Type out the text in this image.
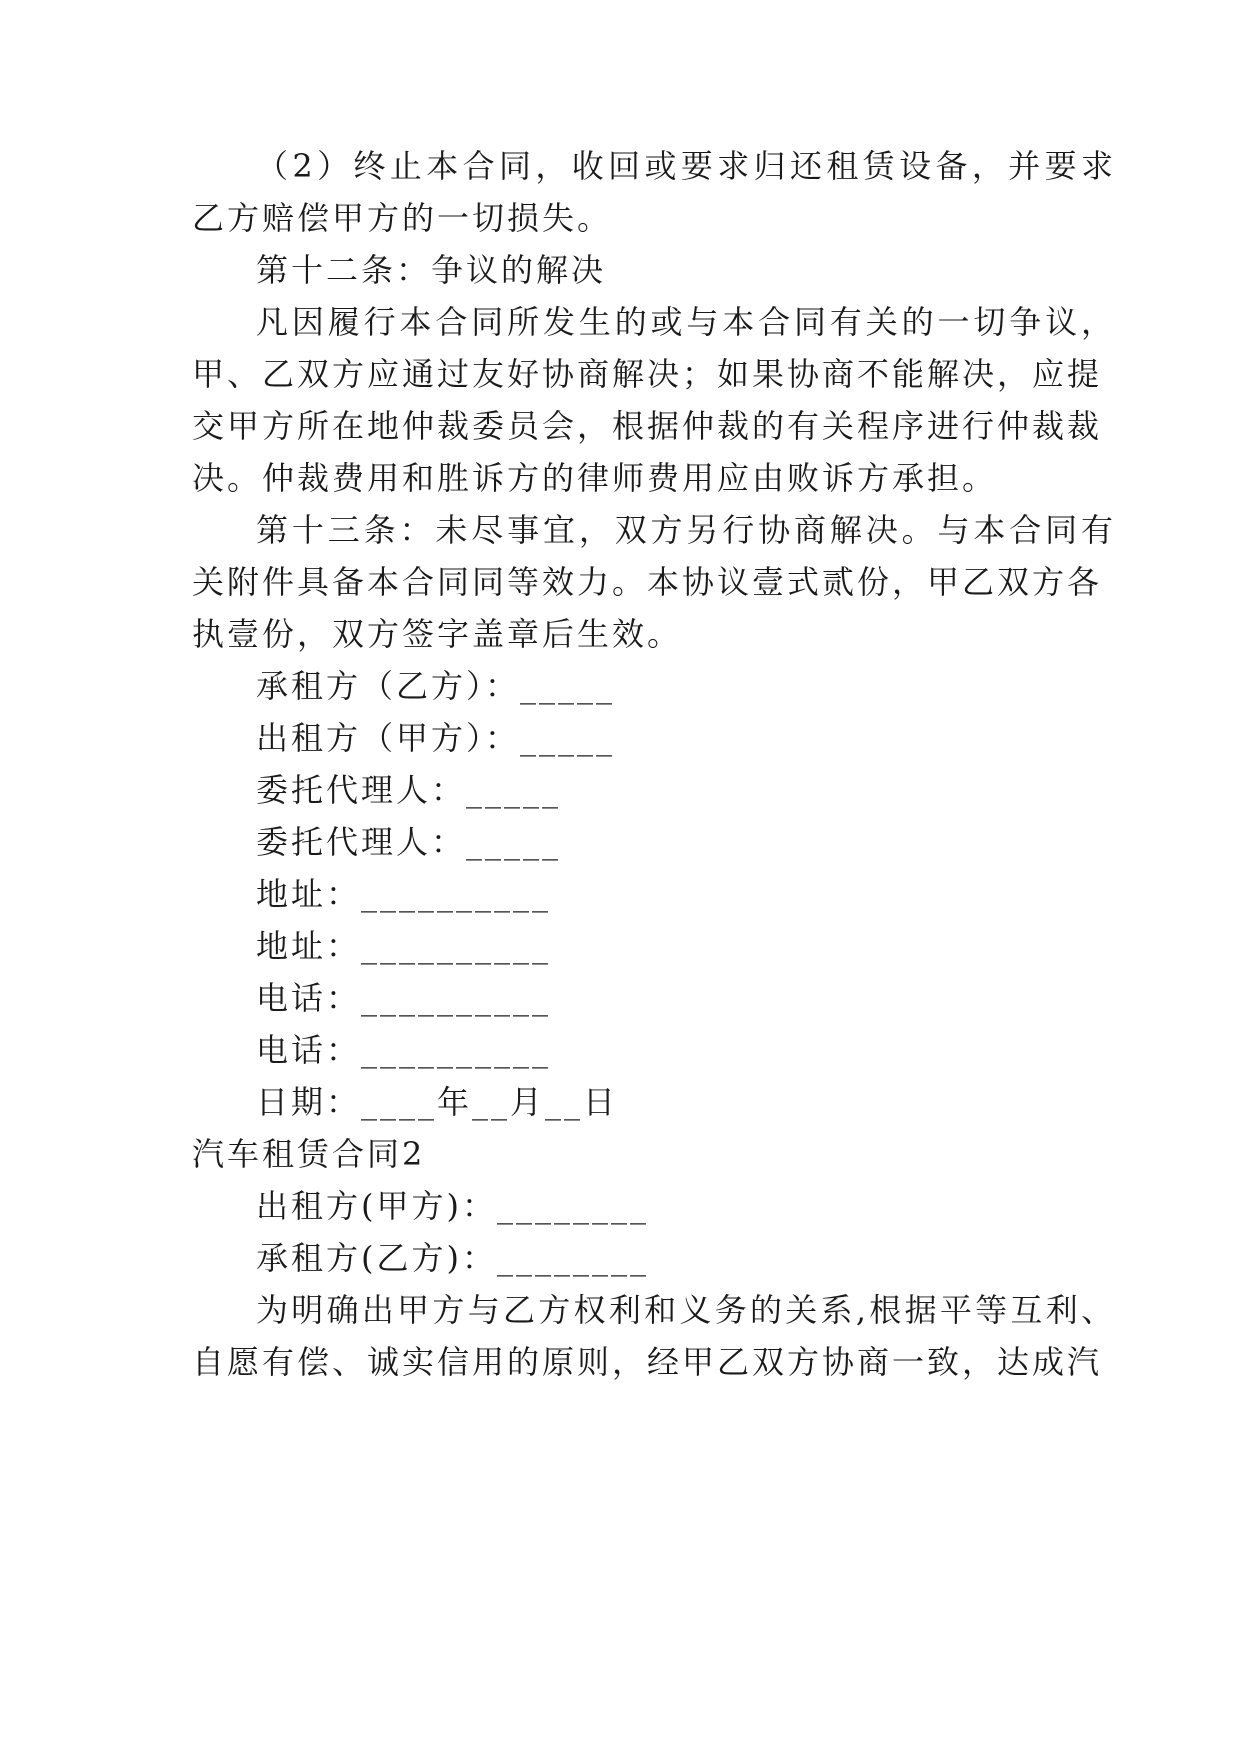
（2）终止本合同，收回或要求归还租赁设备，并要求
乙方赔偿甲方的一切损失。
第十二条：争议的解决
凡因履行本合同所发生的或与本合同有关的一切争议，
甲、乙双方应通过友好协商解决；如果协商不能解决，应提
交甲方所在地仲裁委员会，根据仲裁的有关程序进行仲裁裁
决。仲裁费用和胜诉方的律师费用应由败诉方承担。
第十三条：未尽事宜，双方另行协商解决。与本合同有
关附件具备本合同同等效力。本协议壹式贰份，甲乙双方各
执壹份，双方签字盖章后生效。
承租方（乙方）：_____
出租方（甲方）：_____
委托代理人：_____
委托代理人：_____
地址：__________
地址：__________
电话：__________
电话：__________
日期：____年__月__日
汽车租赁合同2
出租方(甲方)：________
承租方(乙方)：________
为明确出甲方与乙方权利和义务的关系,根据平等互利、
自愿有偿、诚实信用的原则，经甲乙双方协商一致，达成汽
